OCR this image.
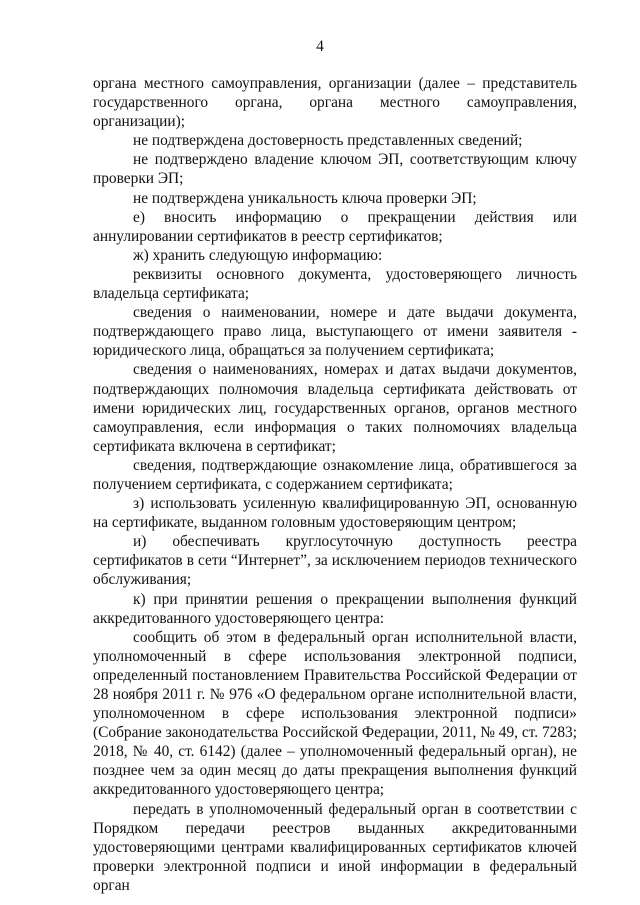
4

органа местного самоуправления, организации (далее – представитель государственного органа, органа местного самоуправления, организации);

не подтверждена достоверность представленных сведений;

не подтверждено владение ключом ЭП, соответствующим ключу проверки ЭП;

не подтверждена уникальность ключа проверки ЭП;

е) вносить информацию о прекращении действия или аннулировании сертификатов в реестр сертификатов;

ж) хранить следующую информацию:

реквизиты основного документа, удостоверяющего личность владельца сертификата;

сведения о наименовании, номере и дате выдачи документа, подтверждающего право лица, выступающего от имени заявителя - юридического лица, обращаться за получением сертификата;

сведения о наименованиях, номерах и датах выдачи документов, подтверждающих полномочия владельца сертификата действовать от имени юридических лиц, государственных органов, органов местного самоуправления, если информация о таких полномочиях владельца сертификата включена в сертификат;

сведения, подтверждающие ознакомление лица, обратившегося за получением сертификата, с содержанием сертификата;

з) использовать усиленную квалифицированную ЭП, основанную на сертификате, выданном головным удостоверяющим центром;

и) обеспечивать круглосуточную доступность реестра сертификатов в сети “Интернет”, за исключением периодов технического обслуживания;

к) при принятии решения о прекращении выполнения функций аккредитованного удостоверяющего центра:

сообщить об этом в федеральный орган исполнительной власти, уполномоченный в сфере использования электронной подписи, определенный постановлением Правительства Российской Федерации от 28 ноября 2011 г. № 976 «О федеральном органе исполнительной власти, уполномоченном в сфере использования электронной подписи» (Собрание законодательства Российской Федерации, 2011, № 49, ст. 7283; 2018, № 40, ст. 6142) (далее – уполномоченный федеральный орган), не позднее чем за один месяц до даты прекращения выполнения функций аккредитованного удостоверяющего центра;

передать в уполномоченный федеральный орган в соответствии с Порядком передачи реестров выданных аккредитованными удостоверяющими центрами квалифицированных сертификатов ключей проверки электронной подписи и иной информации в федеральный орган
